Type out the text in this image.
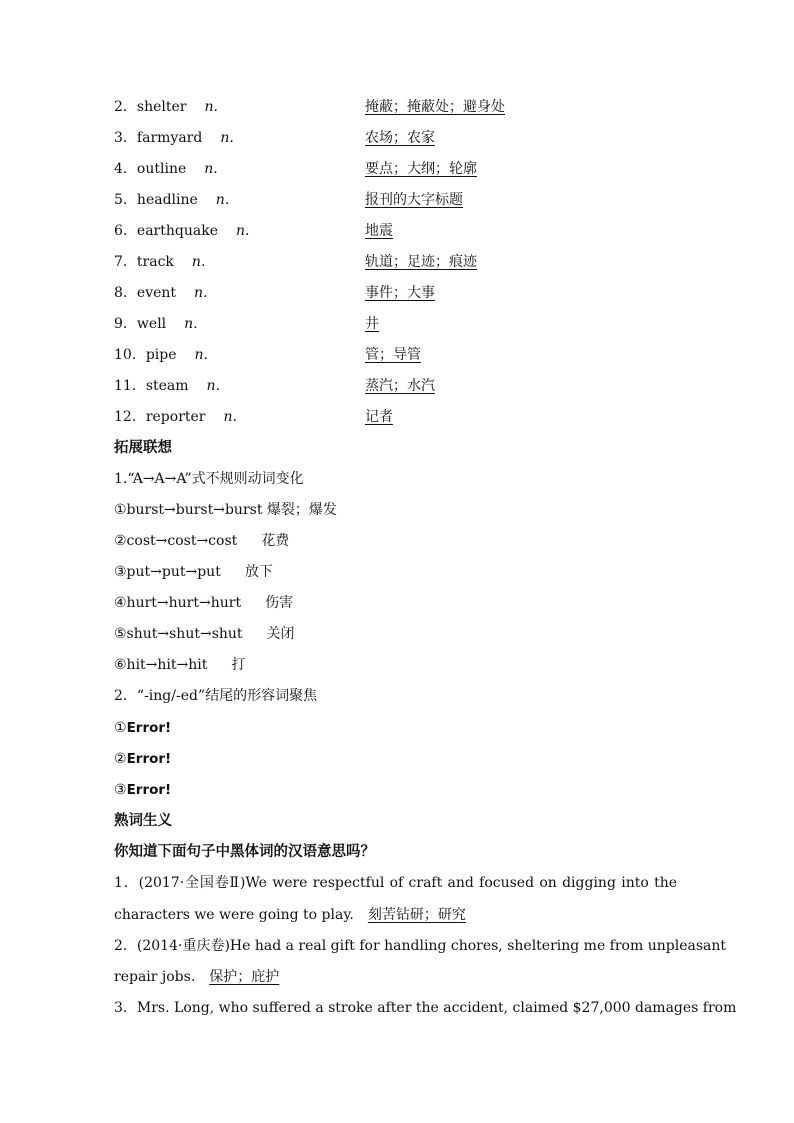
2．shelter n.	掩蔽；掩蔽处；避身处
3．farmyard n.	农场；农家
4．outline n.	要点；大纲；轮廓
5．headline n.	报刊的大字标题
6．earthquake n.	地震
7．track n.	轨道；足迹；痕迹
8．event n.	事件；大事
9．well n.	井
10．pipe n.	管；导管
11．steam n.	蒸汽；水汽
12．reporter n.	记者
拓展联想
1.“A→A→A”式不规则动词变化
①burst→burst→burst 爆裂；爆发
②cost→cost→cost 花费
③put→put→put 放下
④hurt→hurt→hurt 伤害
⑤shut→shut→shut 关闭
⑥hit→hit→hit 打
2．“-ing/-ed”结尾的形容词聚焦
①Error!
②Error!
③Error!
熟词生义
你知道下面句子中黑体词的汉语意思吗？
1．(2017·全国卷Ⅱ)We were respectful of craft and focused on digging into the
characters we were going to play. 刻苦钻研；研究
2．(2014·重庆卷)He had a real gift for handling chores, sheltering me from unpleasant
repair jobs. 保护；庇护
3．Mrs. Long, who suffered a stroke after the accident, claimed $27,000 damages from
